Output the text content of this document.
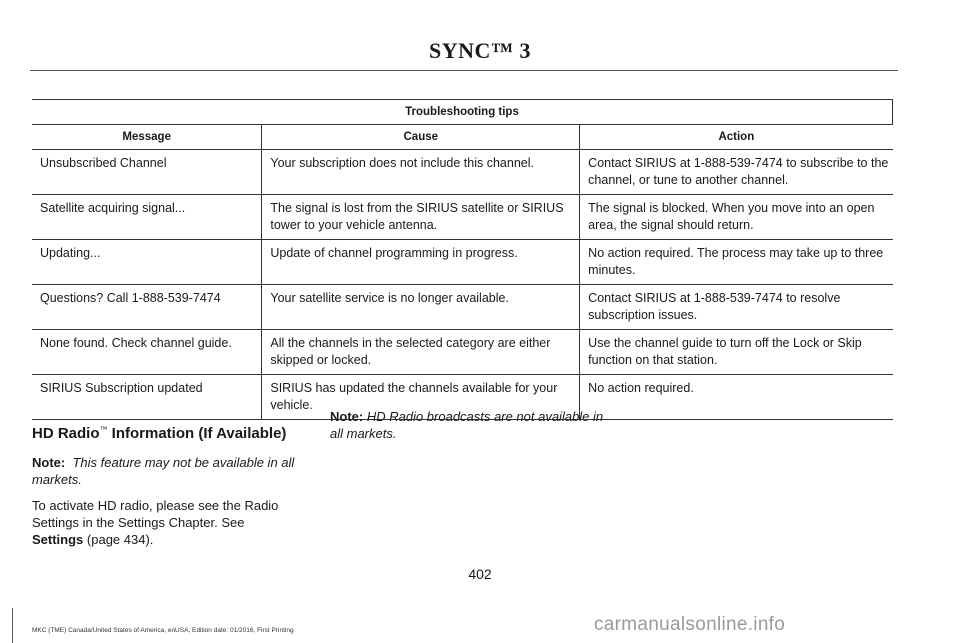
SYNC™ 3
Troubleshooting tips		
Message	Cause	Action
Unsubscribed Channel	Your subscription does not include this channel.	Contact SIRIUS at 1-888-539-7474 to subscribe to the channel, or tune to another channel.
Satellite acquiring signal...	The signal is lost from the SIRIUS satellite or SIRIUS tower to your vehicle antenna.	The signal is blocked. When you move into an open area, the signal should return.
Updating...	Update of channel programming in progress.	No action required. The process may take up to three minutes.
Questions? Call 1-888-539-7474	Your satellite service is no longer available.	Contact SIRIUS at 1-888-539-7474 to resolve subscription issues.
None found. Check channel guide.	All the channels in the selected category are either skipped or locked.	Use the channel guide to turn off the Lock or Skip function on that station.
SIRIUS Subscription updated	SIRIUS has updated the channels available for your vehicle.	No action required.
HD Radio™ Information (If Available)

Note: This feature may not be available in all markets.

To activate HD radio, please see the Radio Settings in the Settings Chapter. See
Settings (page 434).

Note: HD Radio broadcasts are not available in all markets.

402
MKC (TME) Canada/United States of America, enUSA, Edition date: 01/2016, First Printing	carmanualsonline.info
